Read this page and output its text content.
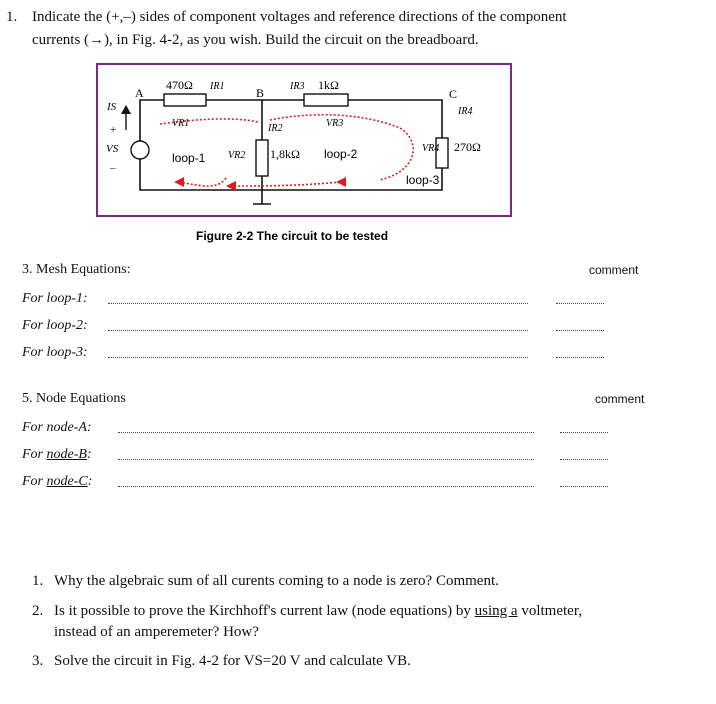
1. Indicate the (+,–) sides of component voltages and reference directions of the component
currents (→), in Fig. 4-2, as you wish. Build the circuit on the breadboard.
A	B	C
470Ω IR1	IR3 1kΩ
IR4
IS
+
VS
–
VR1	IR2	VR3
VR2 1,8kΩ	VR4 270Ω
loop-1	loop-2
loop-3
Figure 2-2 The circuit to be tested
3. Mesh Equations:	comment
For loop-1:
For loop-2:
For loop-3:
5. Node Equations	comment
For node-A:
For node-B:
For node-C:
1. Why the algebraic sum of all curents coming to a node is zero? Comment.
2. Is it possible to prove the Kirchhoff's current law (node equations) by using a voltmeter,
instead of an amperemeter? How?
3. Solve the circuit in Fig. 4-2 for VS=20 V and calculate VB.
